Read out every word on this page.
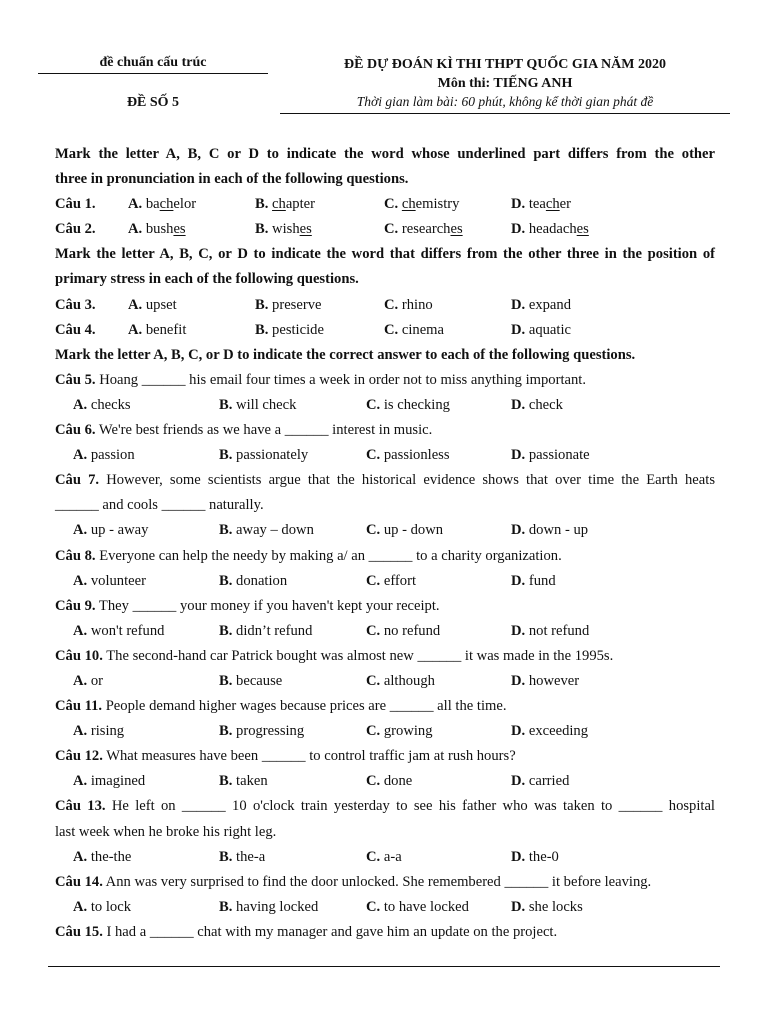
đề chuẩn cấu trúc
ĐỀ SỐ 5
ĐỀ DỰ ĐOÁN KÌ THI THPT QUỐC GIA NĂM 2020
Môn thi: TIẾNG ANH
Thời gian làm bài: 60 phút, không kể thời gian phát đề
Mark the letter A, B, C or D to indicate the word whose underlined part differs from the other
three in pronunciation in each of the following questions.
Câu 1. A. bachelor	B. chapter	C. chemistry	D. teacher
Câu 2. A. bushes	B. wishes	C. researches	D. headaches
Mark the letter A, B, C, or D to indicate the word that differs from the other three in the position of
primary stress in each of the following questions.
Câu 3. A. upset	B. preserve	C. rhino	D. expand
Câu 4. A. benefit	B. pesticide	C. cinema	D. aquatic
Mark the letter A, B, C, or D to indicate the correct answer to each of the following questions.
Câu 5. Hoang ______ his email four times a week in order not to miss anything important.
A. checks	B. will check	C. is checking	D. check
Câu 6. We're best friends as we have a ______ interest in music.
A. passion	B. passionately	C. passionless	D. passionate
Câu 7. However, some scientists argue that the historical evidence shows that over time the Earth heats
______ and cools ______ naturally.
A. up - away	B. away – down	C. up - down	D. down - up
Câu 8. Everyone can help the needy by making a/ an ______ to a charity organization.
A. volunteer	B. donation	C. effort	D. fund
Câu 9. They ______ your money if you haven't kept your receipt.
A. won't refund	B. didn’t refund	C. no refund	D. not refund
Câu 10. The second-hand car Patrick bought was almost new ______ it was made in the 1995s.
A. or	B. because	C. although	D. however
Câu 11. People demand higher wages because prices are ______ all the time.
A. rising	B. progressing	C. growing	D. exceeding
Câu 12. What measures have been ______ to control traffic jam at rush hours?
A. imagined	B. taken	C. done	D. carried
Câu 13. He left on ______ 10 o'clock train yesterday to see his father who was taken to ______ hospital
last week when he broke his right leg.
A. the-the	B. the-a	C. a-a	D. the-0
Câu 14. Ann was very surprised to find the door unlocked. She remembered ______ it before leaving.
A. to lock	B. having locked	C. to have locked	D. she locks
Câu 15. I had a ______ chat with my manager and gave him an update on the project.
